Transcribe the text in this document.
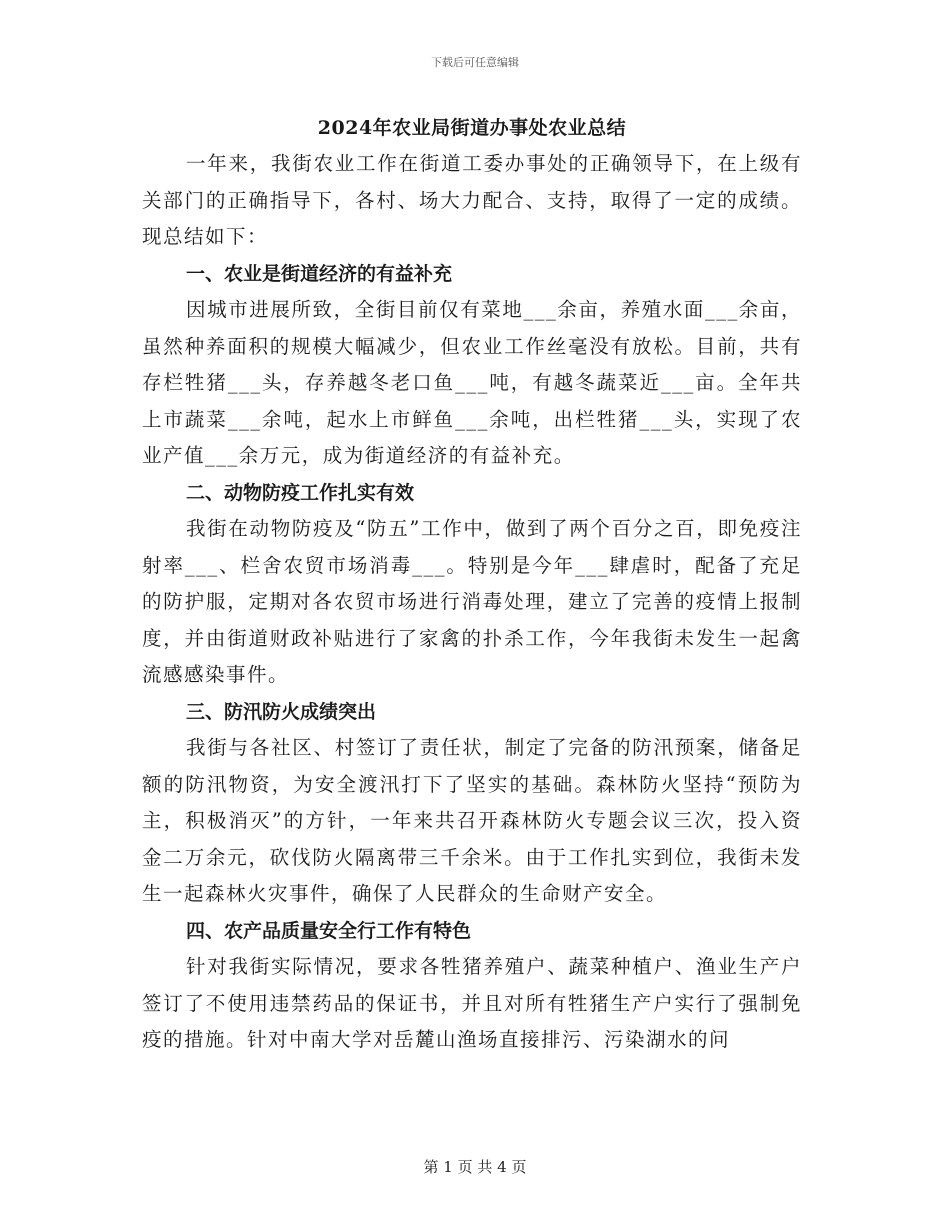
下载后可任意编辑
2024年农业局街道办事处农业总结

一年来，我街农业工作在街道工委办事处的正确领导下，在上级有关部门的正确指导下，各村、场大力配合、支持，取得了一定的成绩。现总结如下：

一、农业是街道经济的有益补充

因城市进展所致，全街目前仅有菜地___余亩，养殖水面___余亩，虽然种养面积的规模大幅减少，但农业工作丝毫没有放松。目前，共有存栏牲猪___头，存养越冬老口鱼___吨，有越冬蔬菜近___亩。全年共上市蔬菜___余吨，起水上市鲜鱼___余吨，出栏牲猪___头，实现了农业产值___余万元，成为街道经济的有益补充。

二、动物防疫工作扎实有效

我街在动物防疫及“防五”工作中，做到了两个百分之百，即免疫注射率___、栏舍农贸市场消毒___。特别是今年___肆虐时，配备了充足的防护服，定期对各农贸市场进行消毒处理，建立了完善的疫情上报制度，并由街道财政补贴进行了家禽的扑杀工作，今年我街未发生一起禽流感感染事件。

三、防汛防火成绩突出

我街与各社区、村签订了责任状，制定了完备的防汛预案，储备足额的防汛物资，为安全渡汛打下了坚实的基础。森林防火坚持“预防为主，积极消灭”的方针，一年来共召开森林防火专题会议三次，投入资金二万余元，砍伐防火隔离带三千余米。由于工作扎实到位，我街未发生一起森林火灾事件，确保了人民群众的生命财产安全。

四、农产品质量安全行工作有特色

针对我街实际情况，要求各牲猪养殖户、蔬菜种植户、渔业生产户签订了不使用违禁药品的保证书，并且对所有牲猪生产户实行了强制免疫的措施。针对中南大学对岳麓山渔场直接排污、污染湖水的问

第 1 页 共 4 页
